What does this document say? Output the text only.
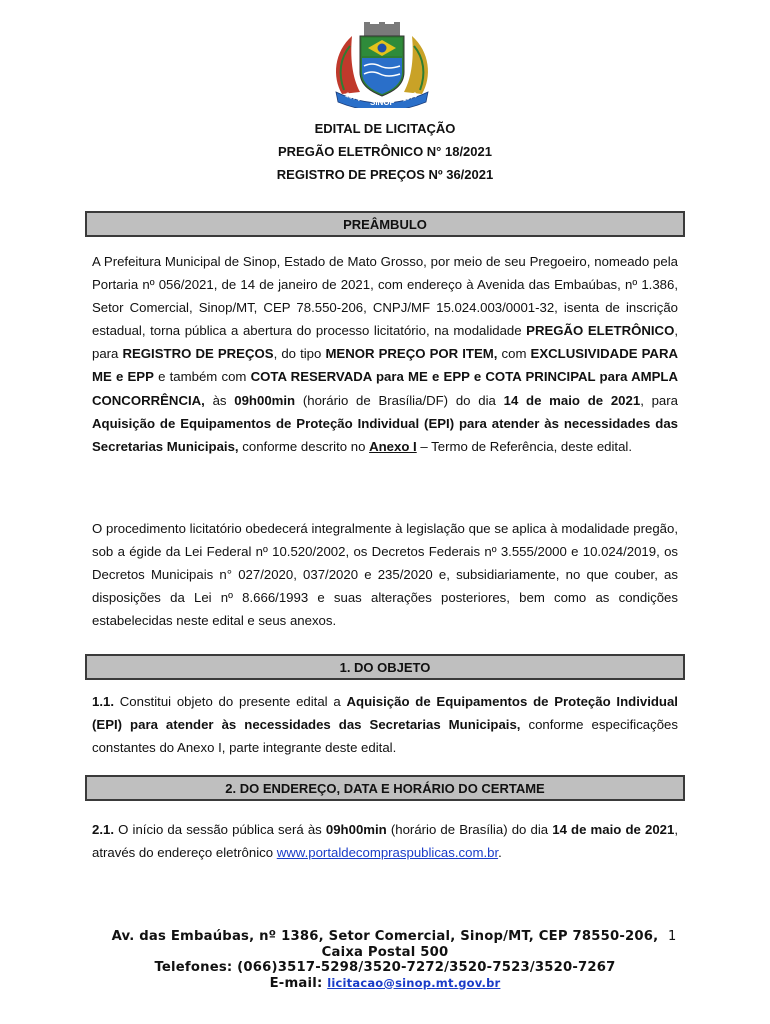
1974 SINOP 1979
EDITAL DE LICITAÇÃO
PREGÃO ELETRÔNICO N° 18/2021
REGISTRO DE PREÇOS Nº 36/2021
PREÂMBULO
A Prefeitura Municipal de Sinop, Estado de Mato Grosso, por meio de seu Pregoeiro, nomeado pela Portaria nº 056/2021, de 14 de janeiro de 2021, com endereço à Avenida das Embaúbas, nº 1.386, Setor Comercial, Sinop/MT, CEP 78.550-206, CNPJ/MF 15.024.003/0001-32, isenta de inscrição estadual, torna pública a abertura do processo licitatório, na modalidade PREGÃO ELETRÔNICO, para REGISTRO DE PREÇOS, do tipo MENOR PREÇO POR ITEM, com EXCLUSIVIDADE PARA ME e EPP e também com COTA RESERVADA para ME e EPP e COTA PRINCIPAL para AMPLA CONCORRÊNCIA, às 09h00min (horário de Brasília/DF) do dia 14 de maio de 2021, para Aquisição de Equipamentos de Proteção Individual (EPI) para atender às necessidades das Secretarias Municipais, conforme descrito no Anexo I – Termo de Referência, deste edital.
O procedimento licitatório obedecerá integralmente à legislação que se aplica à modalidade pregão, sob a égide da Lei Federal nº 10.520/2002, os Decretos Federais nº 3.555/2000 e 10.024/2019, os Decretos Municipais n° 027/2020, 037/2020 e 235/2020 e, subsidiariamente, no que couber, as disposições da Lei nº 8.666/1993 e suas alterações posteriores, bem como as condições estabelecidas neste edital e seus anexos.
1. DO OBJETO
1.1. Constitui objeto do presente edital a Aquisição de Equipamentos de Proteção Individual (EPI) para atender às necessidades das Secretarias Municipais, conforme especificações constantes do Anexo I, parte integrante deste edital.
2. DO ENDEREÇO, DATA E HORÁRIO DO CERTAME
2.1. O início da sessão pública será às 09h00min (horário de Brasília) do dia 14 de maio de 2021, através do endereço eletrônico www.portaldecompraspublicas.com.br.
Av. das Embaúbas, nº 1386, Setor Comercial, Sinop/MT, CEP 78550-206,
Caixa Postal 500
Telefones: (066)3517-5298/3520-7272/3520-7523/3520-7267
E-mail: licitacao@sinop.mt.gov.br
1
